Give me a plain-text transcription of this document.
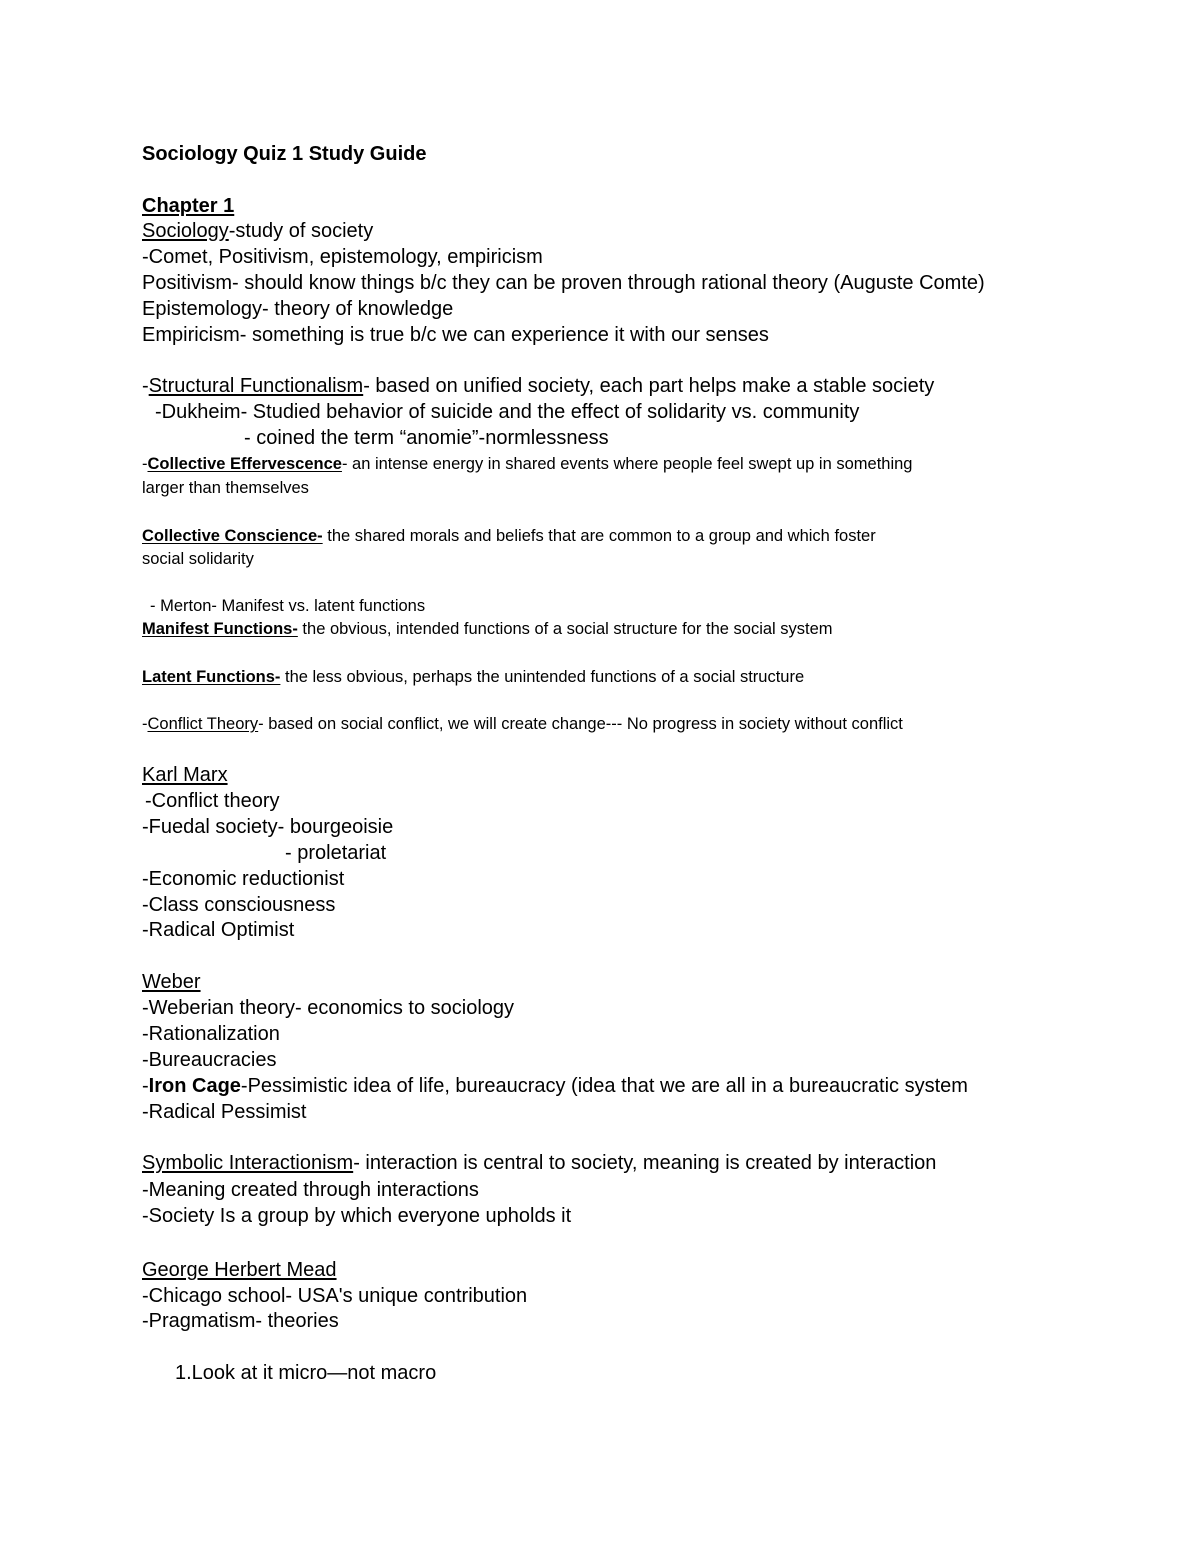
Sociology Quiz 1 Study Guide
Chapter 1
Sociology-study of society
-Comet, Positivism, epistemology, empiricism
Positivism- should know things b/c they can be proven through rational theory (Auguste Comte)
Epistemology- theory of knowledge
Empiricism- something is true b/c we can experience it with our senses
-Structural Functionalism- based on unified society, each part helps make a stable society
-Dukheim- Studied behavior of suicide and the effect of solidarity vs. community
- coined the term “anomie”-normlessness
-Collective Effervescence- an intense energy in shared events where people feel swept up in something
larger than themselves
Collective Conscience- the shared morals and beliefs that are common to a group and which foster
social solidarity
- Merton- Manifest vs. latent functions
Manifest Functions- the obvious, intended functions of a social structure for the social system
Latent Functions- the less obvious, perhaps the unintended functions of a social structure
-Conflict Theory- based on social conflict, we will create change--- No progress in society without conflict
Karl Marx
-Conflict theory
-Fuedal society- bourgeoisie
- proletariat
-Economic reductionist
-Class consciousness
-Radical Optimist
Weber
-Weberian theory- economics to sociology
-Rationalization
-Bureaucracies
-Iron Cage-Pessimistic idea of life, bureaucracy (idea that we are all in a bureaucratic system
-Radical Pessimist
Symbolic Interactionism- interaction is central to society, meaning is created by interaction
-Meaning created through interactions
-Society Is a group by which everyone upholds it
George Herbert Mead
-Chicago school- USA's unique contribution
-Pragmatism- theories
1.Look at it micro—not macro
